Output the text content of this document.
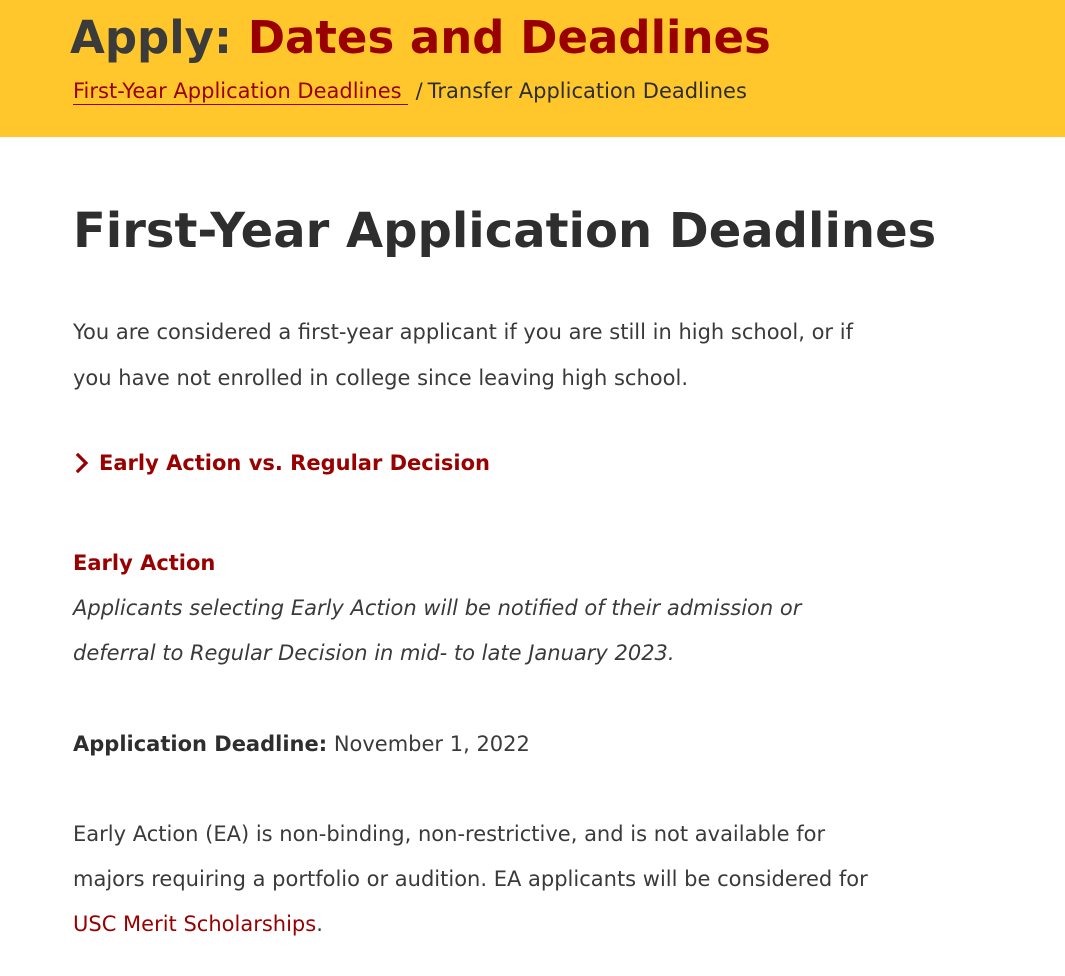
Apply: Dates and Deadlines
First-Year Application Deadlines / Transfer Application Deadlines
First-Year Application Deadlines

You are considered a first-year applicant if you are still in high school, or if
you have not enrolled in college since leaving high school.

Early Action vs. Regular Decision
Early Action

Applicants selecting Early Action will be notified of their admission or
deferral to Regular Decision in mid- to late January 2023.

Application Deadline: November 1, 2022

Early Action (EA) is non-binding, non-restrictive, and is not available for
majors requiring a portfolio or audition. EA applicants will be considered for
USC Merit Scholarships.
